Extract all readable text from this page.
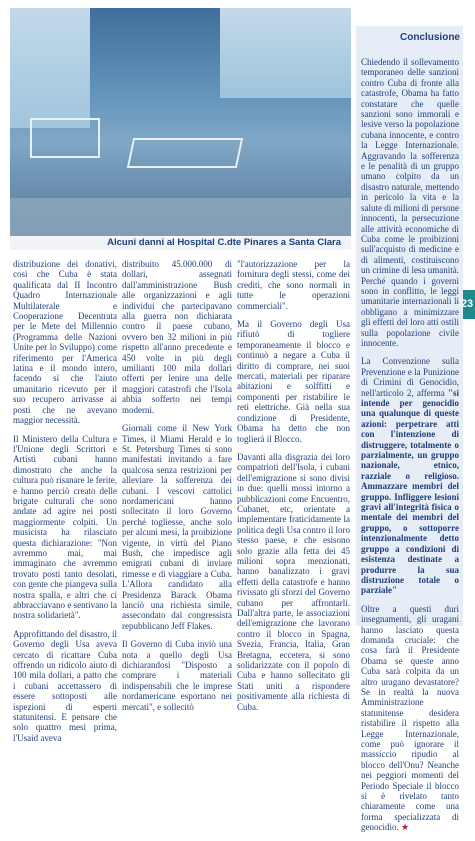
Alcuni danni al Hospital C.dte Pinares a Santa Clara
Conclusione

distribuzione dei donativi, così che Cuba è stata qualificata dal II Incontro Quadro Internazionale Multilaterale e Cooperazione Decentrata per le Mete del Millennio (Programma delle Nazioni Unite per lo Sviluppo) come riferimento per l'America latina e il mondo intero, facendo sì che l'aiuto umanitario ricevuto per il suo recupero arrivasse ai posti che ne avevano maggior necessità.

Il Ministero della Cultura e l'Unione degli Scrittori e Artisti cubani hanno dimostrato che anche la cultura può risanare le ferite, e hanno perciò creato delle brigate culturali che sono andate ad agire nei posti maggiormente colpiti. Un musicista ha rilasciato questa dichiarazione: "Non avremmo mai, mai immaginato che avremmo trovato posti tanto desolati, con gente che piangeva sulla nostra spalla, e altri che ci abbracciavano e sentivano la nostra solidarietà".

Approfittando del disastro, il Governo degli Usa aveva cercato di ricattare Cuba offrendo un ridicolo aiuto di 100 mila dollari, a patto che i cubani accettassero di essere sottoposti alle ispezioni di esperti statunitensi. E pensare che solo quattro mesi prima, l'Usaid aveva

distribuito 45.000.000 di dollari, assegnati dall'amministrazione Bush alle organizzazioni e agli individui che partecipavano alla guerra non dichiarata contro il paese cubano, ovvero ben 32 milioni in più rispetto all'anno precedente e 450 volte in più degli umilianti 100 mila dollari offerti per lenire una delle maggiori catastrofi che l'Isola abbia sofferto nei tempi moderni.

Giornali come il New York Times, il Miami Herald e lo St. Petersburg Times si sono manifestati invitando a fare qualcosa senza restrizioni per alleviare la sofferenza dei cubani. I vescovi cattolici nordamericani hanno sollecitato il loro Governo perché togliesse, anche solo per alcuni mesi, la proibizione vigente, in virtù del Piano Bush, che impedisce agli emigrati cubani di inviare rimesse e di viaggiare a Cuba. L'Allora candidato alla Presidenza Barack Obama lanciò una richiesta simile, assecondato dal congressista repubblicano Jeff Flakes.

Il Governo di Cuba inviò una nota a quello degli Usa dichiarandosi "Disposto a comprare i materiali indispensabili che le imprese nordamericane esportano nei mercati", e sollecitò

"l'autorizzazione per la fornitura degli stessi, come dei crediti, che sono normali in tutte le operazioni commerciali".

Ma il Governo degli Usa rifiutò di togliere temporaneamente il blocco e continuò a negare a Cuba il diritto di comprare, nei suoi mercati, materiali per riparare abitazioni e solffitti e componenti per ristabilire le reti elettriche. Già nella sua condizione di Presidente, Obama ha detto che non toglierà il Blocco.

Davanti alla disgrazia dei loro compatrioti dell'Isola, i cubani dell'emigrazione si sono divisi in due: quelli mossi intorno a pubblicazioni come Encuentro, Cubanet, etc, orientate a implementare fraticidamente la politica degli Usa contro il loro stesso paese, e che esisono solo grazie alla fetta dei 45 milioni sopra menzionati, hanno banalizzato i gravi effetti della catastrofe e hanno rivissato gli sforzi del Governo cubano per affrontarli. Dall'altra parte, le associazioni dell'emigrazione che lavorano contro il blocco in Spagna, Svezia, Francia, Italia, Gran Bretagna, eccetera, si sono solidarizzate con il popolo di Cuba e hanno sollecitato gli Stati uniti a rispondere positivamente alla richiesta di Cuba.

Chiedendo il sollevamento temporaneo delle sanzioni contro Cuba di fronte alla catastrofe, Obama ha fatto constatare che quelle sanzioni sono immorali e lesive verso la popolazione cubana innocente, e contro la Legge Internazionale. Aggravando la sofferenza e le penalità di un gruppo umano colpito da un disastro naturale, mettendo in pericolo la vita e la salute di milioni di persone innocenti, la persecuzione alle attività economiche di Cuba come le proibizioni sull'acquisto di medicine e di alimenti, costituiscono un crimine di lesa umanità. Perché quando i governi sono in conflitto, le leggi umanitarie internazionali li obbligano a minimizzare gli effetti del loro atti ostili sulla popolazione civile innocente.

La Convenzione sulla Prevenzione e la Punizione di Crimini di Genocidio, nell'articolo 2, afferma "si intende per genocidio una qualunque di queste azioni: perpetrare atti con l'intenzione di distruggere, totalmente o parzialmente, un gruppo nazionale, etnico, razziale o religioso. Ammazzare membri del gruppo. Infliggere lesioni gravi all'integrità fisica o mentale dei membri del gruppo, o sottoporre intenzionalmente detto gruppo a condizioni di esistenza destinate a produrre la sua distruzione totale o parziale"

Oltre a questi duri insegnamenti, gli uragani hanno lasciato questa domanda cruciale: che cosa farà il Presidente Obama se queste anno Cuba sarà colpita da un altro uragano devastatore? Se in realtà la nuova Amministrazione statunitense desidera ristabilire il rispetto alla Legge Internazionale, come può ignorare il massiccio ripudio al blocco dell'Onu? Neanche nei peggiori momenti del Periodo Speciale il blocco si è rivelato tanto chiaramente come una forma specializzata di genocidio. ★

23
